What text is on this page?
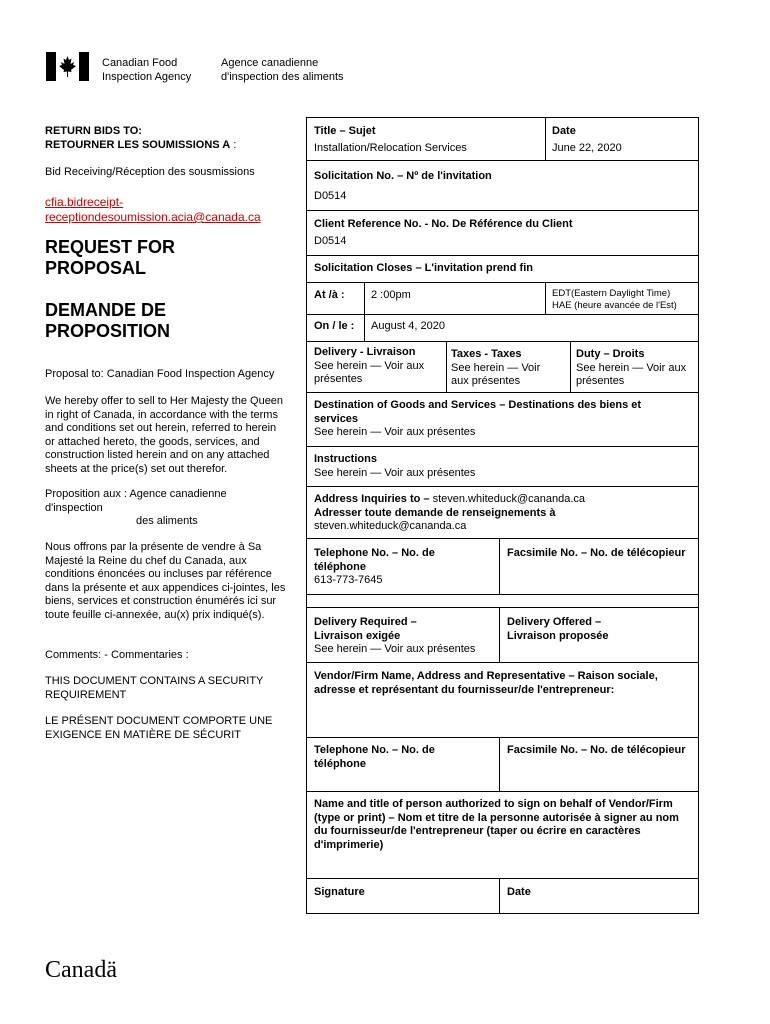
Canadian Food
Inspection Agency
Agence canadienne
d'inspection des aliments
RETURN BIDS TO:
RETOURNER LES SOUMISSIONS A :
Bid Receiving/Réception des sousmissions
cfia.bidreceipt-
receptiondesoumission.acia@canada.ca
REQUEST FOR
PROPOSAL
DEMANDE DE
PROPOSITION
Proposal to: Canadian Food Inspection Agency
We hereby offer to sell to Her Majesty the Queen
in right of Canada, in accordance with the terms
and conditions set out herein, referred to herein
or attached hereto, the goods, services, and
construction listed herein and on any attached
sheets at the price(s) set out therefor.
Proposition aux : Agence canadienne
d'inspection
des aliments
Nous offrons par la présente de vendre à Sa
Majesté la Reine du chef du Canada, aux
conditions énoncées ou incluses par référence
dans la présente et aux appendices ci-jointes, les
biens, services et construction énumérés ici sur
toute feuille ci-annexée, au(x) prix indiqué(s).
Comments: - Commentaries :
THIS DOCUMENT CONTAINS A SECURITY
REQUIREMENT
LE PRÉSENT DOCUMENT COMPORTE UNE
EXIGENCE EN MATIÈRE DE SÉCURIT
Title – Sujet
Installation/Relocation Services
Date
June 22, 2020
Solicitation No. – Nº de l'invitation
D0514
Client Reference No. - No. De Référence du Client
D0514
Solicitation Closes – L'invitation prend fin
At /à : 2 :00pm	EDT(Eastern Daylight Time)
HAE (heure avancée de l'Est)
On / le : August 4, 2020
Delivery - Livraison
See herein — Voir aux
présentes
Taxes - Taxes
See herein — Voir
aux présentes
Duty – Droits
See herein — Voir aux
présentes
Destination of Goods and Services – Destinations des biens et
services
See herein — Voir aux présentes
Instructions
See herein — Voir aux présentes
Address Inquiries to – steven.whiteduck@cananda.ca
Adresser toute demande de renseignements à
steven.whiteduck@cananda.ca
Telephone No. – No. de
téléphone
613-773-7645
Facsimile No. – No. de télécopieur
Delivery Required –
Livraison exigée
See herein — Voir aux présentes
Delivery Offered –
Livraison proposée
Vendor/Firm Name, Address and Representative – Raison sociale,
adresse et représentant du fournisseur/de l'entrepreneur:
Telephone No. – No. de
téléphone
Facsimile No. – No. de télécopieur
Name and title of person authorized to sign on behalf of Vendor/Firm
(type or print) – Nom et titre de la personne autorisée à signer au nom
du fournisseur/de l'entrepreneur (taper ou écrire en caractères
d'imprimerie)
Signature	Date
Canadä
